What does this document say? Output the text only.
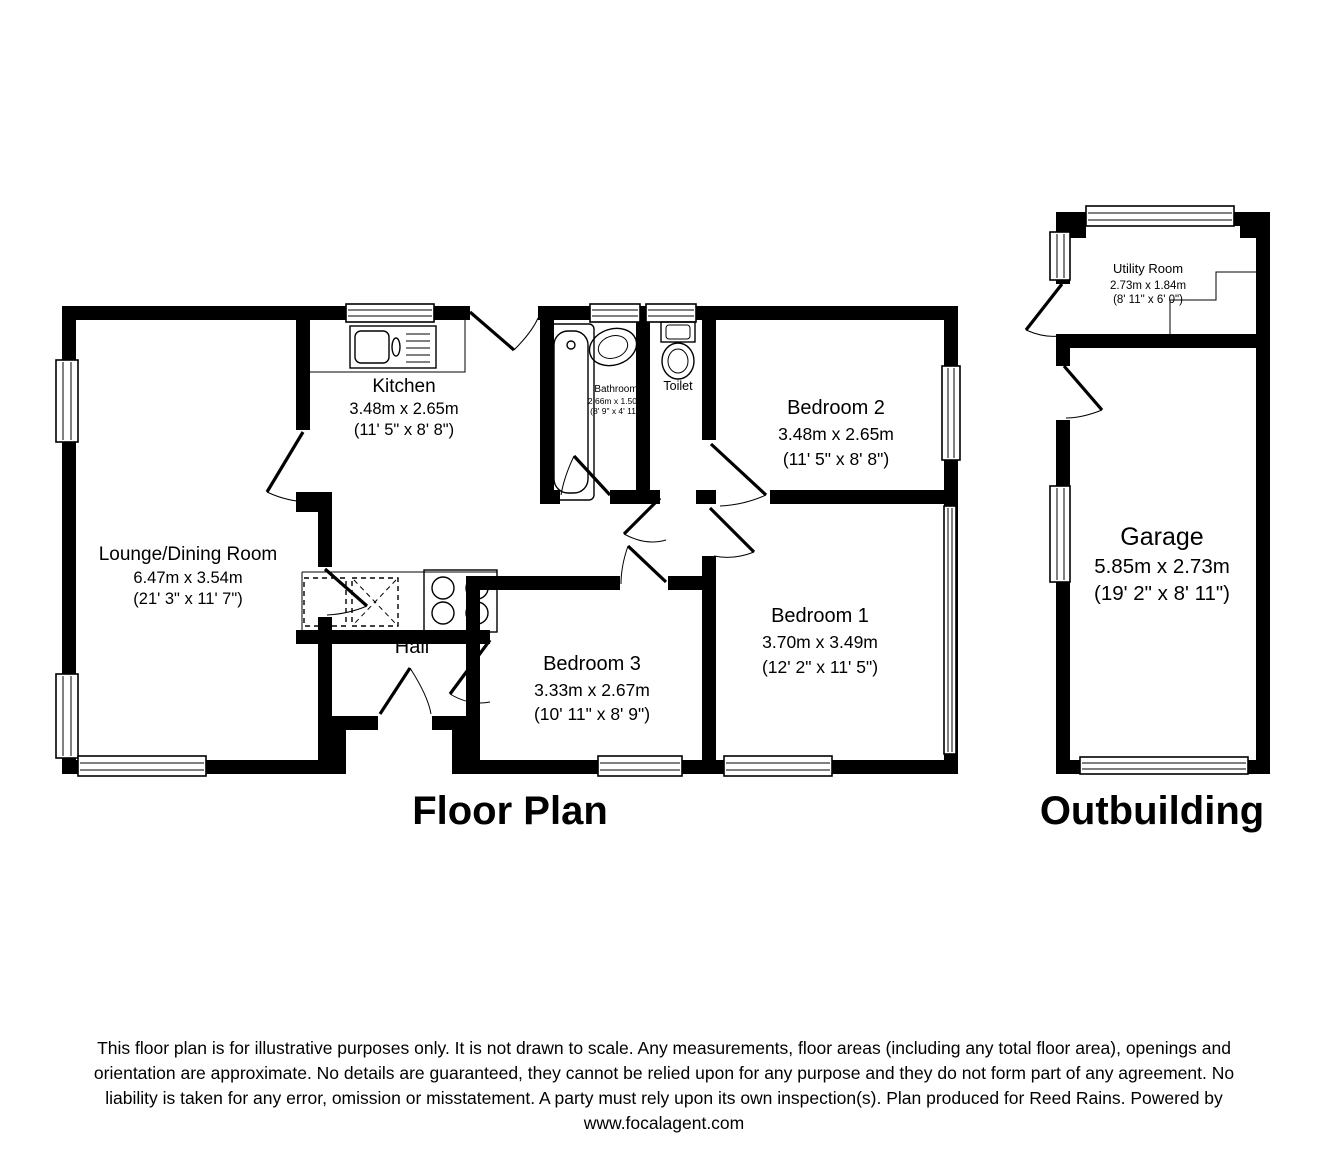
Lounge/Dining Room
6.47m x 3.54m
(21' 3" x 11' 7")
Kitchen
3.48m x 2.65m
(11' 5" x 8' 8")
Bathroom
2.66m x 1.50m
(8' 9" x 4' 11")
Toilet
Bedroom 2
3.48m x 2.65m
(11' 5" x 8' 8")
Bedroom 1
3.70m x 3.49m
(12' 2" x 11' 5")
Bedroom 3
3.33m x 2.67m
(10' 11" x 8' 9")
Hall
Utility Room
2.73m x 1.84m
(8' 11" x 6' 0")
Garage
5.85m x 2.73m
(19' 2" x 8' 11")
Floor Plan	Outbuilding
This floor plan is for illustrative purposes only. It is not drawn to scale. Any measurements, floor areas (including any total floor area), openings and
orientation are approximate. No details are guaranteed, they cannot be relied upon for any purpose and they do not form part of any agreement. No
liability is taken for any error, omission or misstatement. A party must rely upon its own inspection(s). Plan produced for Reed Rains. Powered by
www.focalagent.com
